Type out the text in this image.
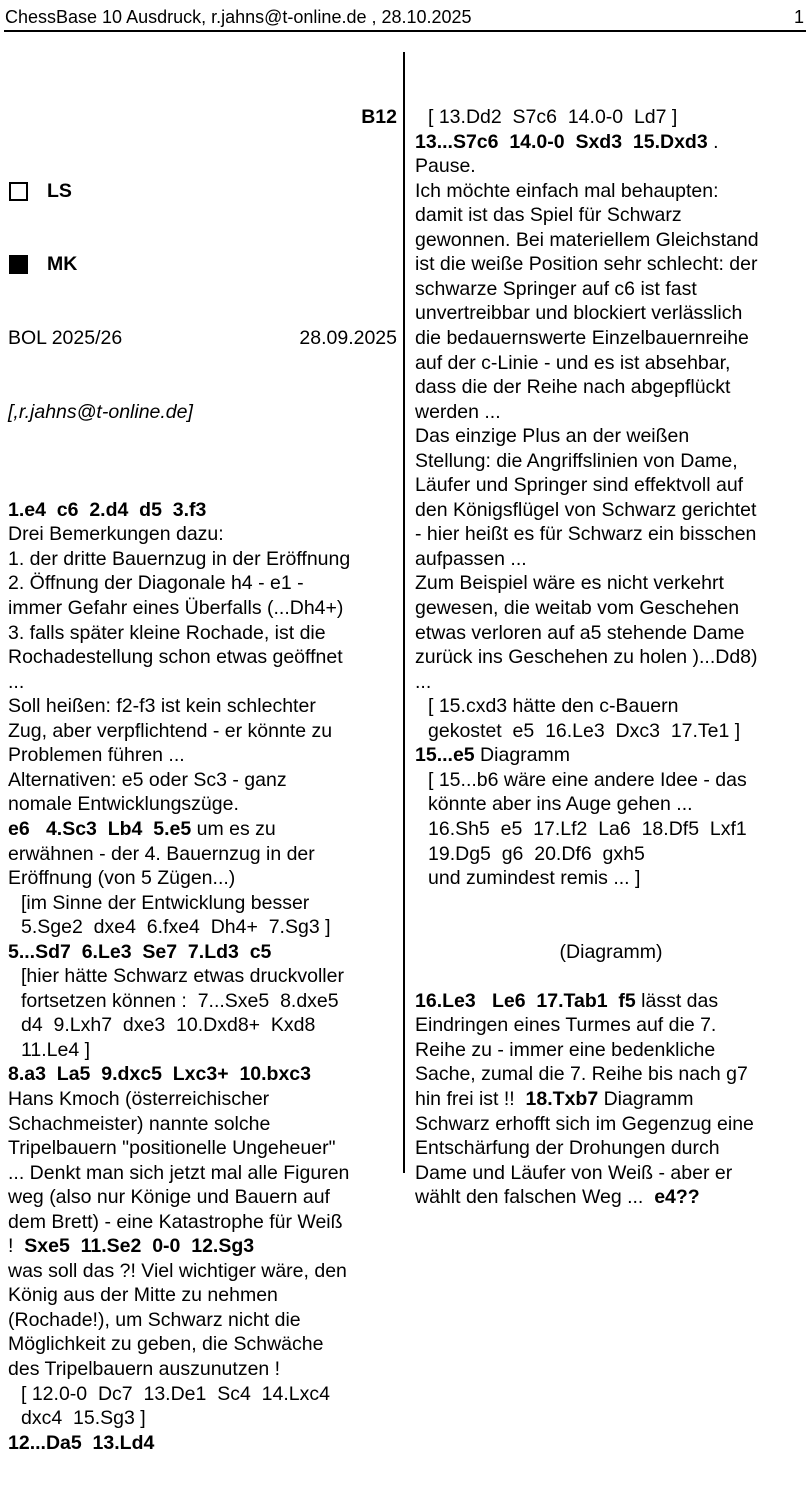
ChessBase 10 Ausdruck, r.jahns@t-online.de , 28.10.2025	1

B12

LS

MK

BOL 2025/26	28.09.2025

[,r.jahns@t-online.de]

1.e4  c6  2.d4  d5  3.f3
Drei Bemerkungen dazu:
1. der dritte Bauernzug in der Eröffnung
2. Öffnung der Diagonale h4 - e1 -
immer Gefahr eines Überfalls (...Dh4+)
3. falls später kleine Rochade, ist die
Rochadestellung schon etwas geöffnet
...
Soll heißen: f2-f3 ist kein schlechter
Zug, aber verpflichtend - er könnte zu
Problemen führen ...
Alternativen: e5 oder Sc3 - ganz
nomale Entwicklungszüge.
e6   4.Sc3  Lb4  5.e5 um es zu
erwähnen - der 4. Bauernzug in der
Eröffnung (von 5 Zügen...)
[im Sinne der Entwicklung besser
5.Sge2  dxe4  6.fxe4  Dh4+  7.Sg3 ]
5...Sd7  6.Le3  Se7  7.Ld3  c5
[hier hätte Schwarz etwas druckvoller
fortsetzen können :  7...Sxe5  8.dxe5
d4  9.Lxh7  dxe3  10.Dxd8+  Kxd8
11.Le4 ]
8.a3  La5  9.dxc5  Lxc3+  10.bxc3
Hans Kmoch (österreichischer
Schachmeister) nannte solche
Tripelbauern "positionelle Ungeheuer"
... Denkt man sich jetzt mal alle Figuren
weg (also nur Könige und Bauern auf
dem Brett) - eine Katastrophe für Weiß
!  Sxe5  11.Se2  0-0  12.Sg3
was soll das ?! Viel wichtiger wäre, den
König aus der Mitte zu nehmen
(Rochade!), um Schwarz nicht die
Möglichkeit zu geben, die Schwäche
des Tripelbauern auszunutzen !
[ 12.0-0  Dc7  13.De1  Sc4  14.Lxc4
dxc4  15.Sg3 ]
12...Da5  13.Ld4

[ 13.Dd2  S7c6  14.0-0  Ld7 ]
13...S7c6  14.0-0  Sxd3  15.Dxd3 .
Pause.
Ich möchte einfach mal behaupten:
damit ist das Spiel für Schwarz
gewonnen. Bei materiellem Gleichstand
ist die weiße Position sehr schlecht: der
schwarze Springer auf c6 ist fast
unvertreibbar und blockiert verlässlich
die bedauernswerte Einzelbauernreihe
auf der c-Linie - und es ist absehbar,
dass die der Reihe nach abgepflückt
werden ...
Das einzige Plus an der weißen
Stellung: die Angriffslinien von Dame,
Läufer und Springer sind effektvoll auf
den Königsflügel von Schwarz gerichtet
- hier heißt es für Schwarz ein bisschen
aufpassen ...
Zum Beispiel wäre es nicht verkehrt
gewesen, die weitab vom Geschehen
etwas verloren auf a5 stehende Dame
zurück ins Geschehen zu holen )...Dd8)
...
[ 15.cxd3 hätte den c-Bauern
gekostet  e5  16.Le3  Dxc3  17.Te1 ]
15...e5 Diagramm
[ 15...b6 wäre eine andere Idee - das
könnte aber ins Auge gehen ...
16.Sh5  e5  17.Lf2  La6  18.Df5  Lxf1
19.Dg5  g6  20.Df6  gxh5
und zumindest remis ... ]

(Diagramm)

16.Le3   Le6  17.Tab1  f5 lässt das
Eindringen eines Turmes auf die 7.
Reihe zu - immer eine bedenkliche
Sache, zumal die 7. Reihe bis nach g7
hin frei ist !!  18.Txb7 Diagramm
Schwarz erhofft sich im Gegenzug eine
Entschärfung der Drohungen durch
Dame und Läufer von Weiß - aber er
wählt den falschen Weg ...  e4??
